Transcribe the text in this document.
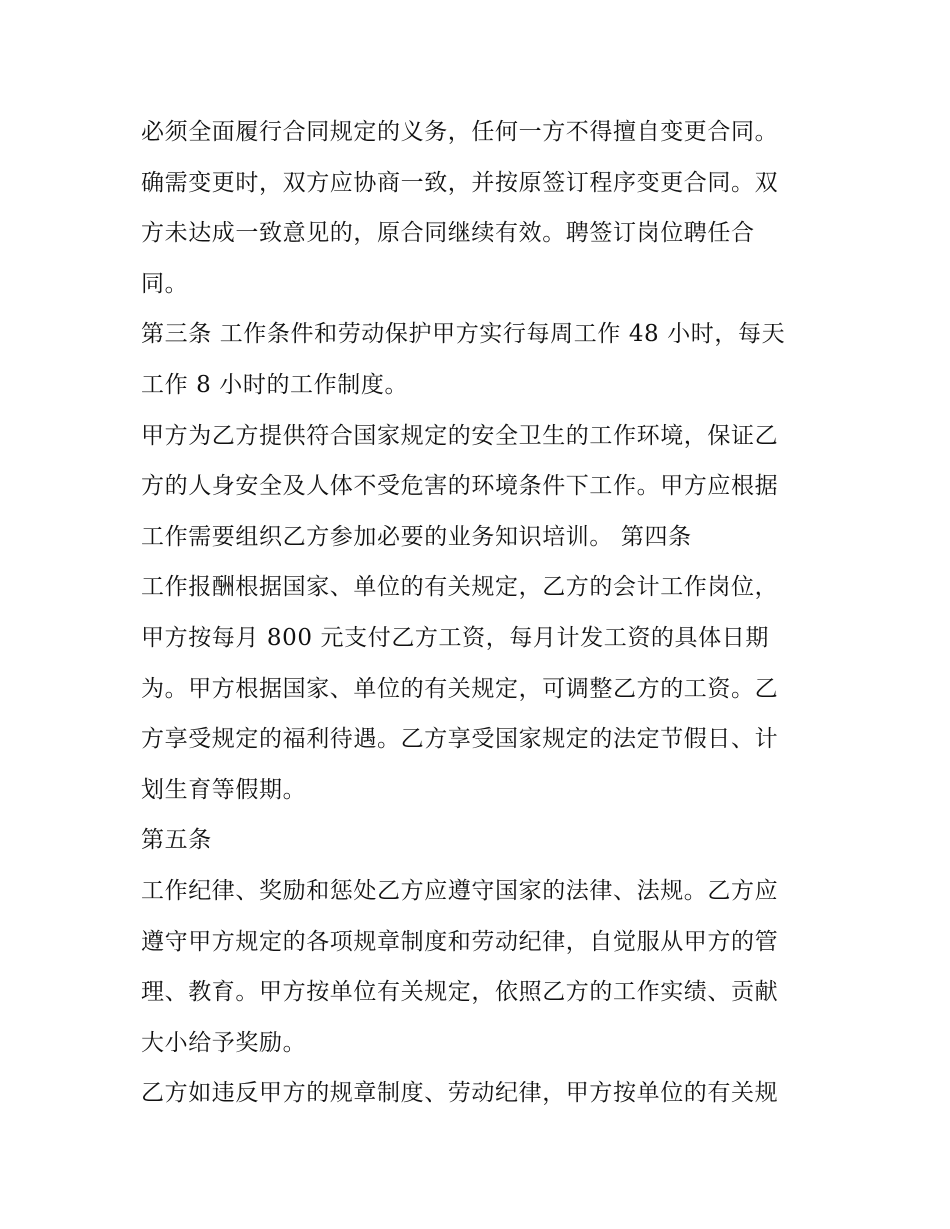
必须全面履行合同规定的义务，任何一方不得擅自变更合同。
确需变更时，双方应协商一致，并按原签订程序变更合同。双
方未达成一致意见的，原合同继续有效。聘签订岗位聘任合
同。
第三条 工作条件和劳动保护甲方实行每周工作 48 小时，每天
工作 8 小时的工作制度。
甲方为乙方提供符合国家规定的安全卫生的工作环境，保证乙
方的人身安全及人体不受危害的环境条件下工作。甲方应根据
工作需要组织乙方参加必要的业务知识培训。 第四条
工作报酬根据国家、单位的有关规定，乙方的会计工作岗位，
甲方按每月 800 元支付乙方工资，每月计发工资的具体日期
为。甲方根据国家、单位的有关规定，可调整乙方的工资。乙
方享受规定的福利待遇。乙方享受国家规定的法定节假日、计
划生育等假期。
第五条
工作纪律、奖励和惩处乙方应遵守国家的法律、法规。乙方应
遵守甲方规定的各项规章制度和劳动纪律，自觉服从甲方的管
理、教育。甲方按单位有关规定，依照乙方的工作实绩、贡献
大小给予奖励。
乙方如违反甲方的规章制度、劳动纪律，甲方按单位的有关规
